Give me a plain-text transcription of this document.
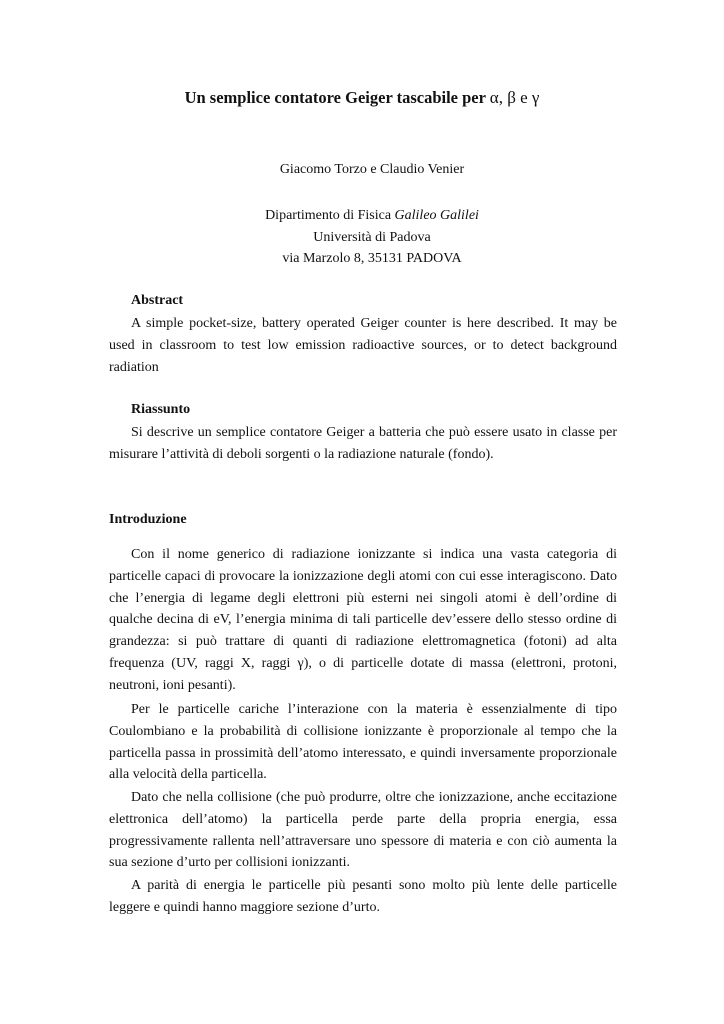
Un semplice contatore Geiger tascabile per α, β e γ
Giacomo Torzo e Claudio Venier
Dipartimento di Fisica Galileo Galilei
Università di Padova
via Marzolo 8, 35131 PADOVA
Abstract
A simple pocket-size, battery operated Geiger counter is here described. It may be used in classroom to test low emission radioactive sources, or to detect background radiation
Riassunto
Si descrive un semplice contatore Geiger a batteria che può essere usato in classe per misurare l’attività di deboli sorgenti o la radiazione naturale (fondo).
Introduzione
Con il nome generico di radiazione ionizzante si indica una vasta categoria di particelle capaci di provocare la ionizzazione degli atomi con cui esse interagiscono. Dato che l’energia di legame degli elettroni più esterni nei singoli atomi è dell’ordine di qualche decina di eV, l’energia minima di tali particelle dev’essere dello stesso ordine di grandezza: si può trattare di quanti di radiazione elettromagnetica (fotoni) ad alta frequenza (UV, raggi X, raggi γ), o di particelle dotate di massa (elettroni, protoni, neutroni, ioni pesanti).
Per le particelle cariche l’interazione con la materia è essenzialmente di tipo Coulombiano e la probabilità di collisione ionizzante è proporzionale al tempo che la particella passa in prossimità dell’atomo interessato, e quindi inversamente proporzionale alla velocità della particella.
Dato che nella collisione (che può produrre, oltre che ionizzazione, anche eccitazione elettronica dell’atomo) la particella perde parte della propria energia, essa progressivamente rallenta nell’attraversare uno spessore di materia e con ciò aumenta la sua sezione d’urto per collisioni ionizzanti.
A parità di energia le particelle più pesanti sono molto più lente delle particelle leggere e quindi hanno maggiore sezione d’urto.
